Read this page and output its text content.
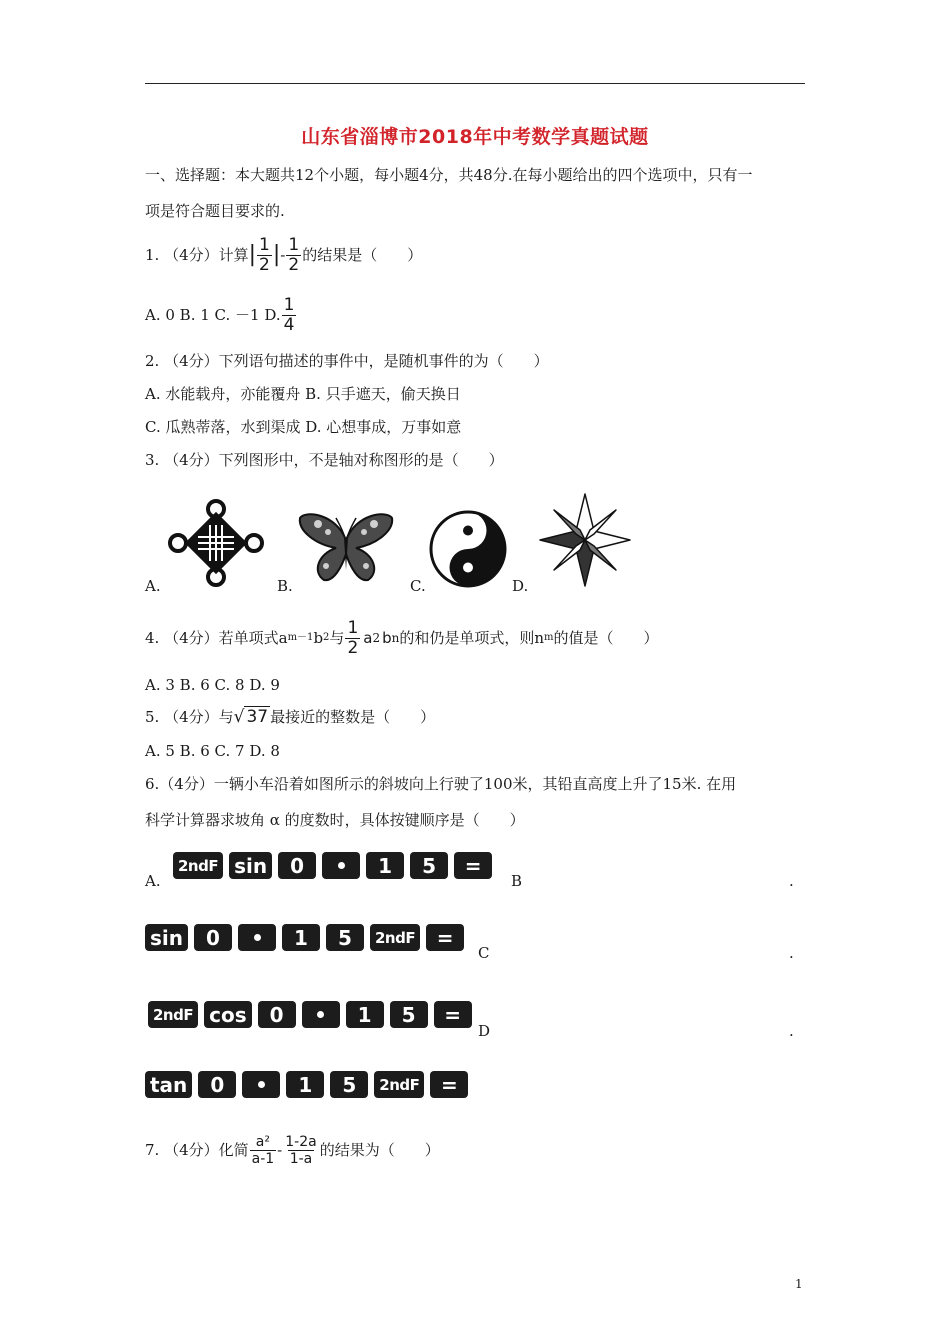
山东省淄博市2018年中考数学真题试题
一、选择题：本大题共12个小题，每小题4分，共48分.在每小题给出的四个选项中，只有一
项是符合题目要求的.
1. （4分）计算 | $\frac{1}{2}$ | - $\frac{1}{2}$ 的结果是（　　）
A. 0 B. 1 C. －1 D. $\frac{1}{4}$
2. （4分）下列语句描述的事件中，是随机事件的为（　　）
A. 水能载舟，亦能覆舟 B. 只手遮天，偷天换日
C. 瓜熟蒂落，水到渠成 D. 心想事成，万事如意
3. （4分）下列图形中，不是轴对称图形的是（　　）
A.	B.	C.	D.
4. （4分）若单项式a m－1 b 2 与 $\frac{1}{2}$ a 2 b n 的和仍是单项式，则n m 的值是（　　）
A. 3 B. 6 C. 8 D. 9
5. （4分）与 √ 37 最接近的整数是（　　）
A. 5 B. 6 C. 7 D. 8
6.（4分）一辆小车沿着如图所示的斜坡向上行驶了100米，其铅直高度上升了15米. 在用
科学计算器求坡角 α 的度数时，具体按键顺序是（　　）
A.
2ndF sin 0	1 5 =
B	.
sin 0	1 5 2ndF =
C	.
2ndF cos 0	1 5 =
D	.
tan 0	1 5 2ndF =
7. （4分）化简 $\frac{\text{a²}}{a-1} - \frac{1-2a}{1-a}$ 的结果为（　　）
1
